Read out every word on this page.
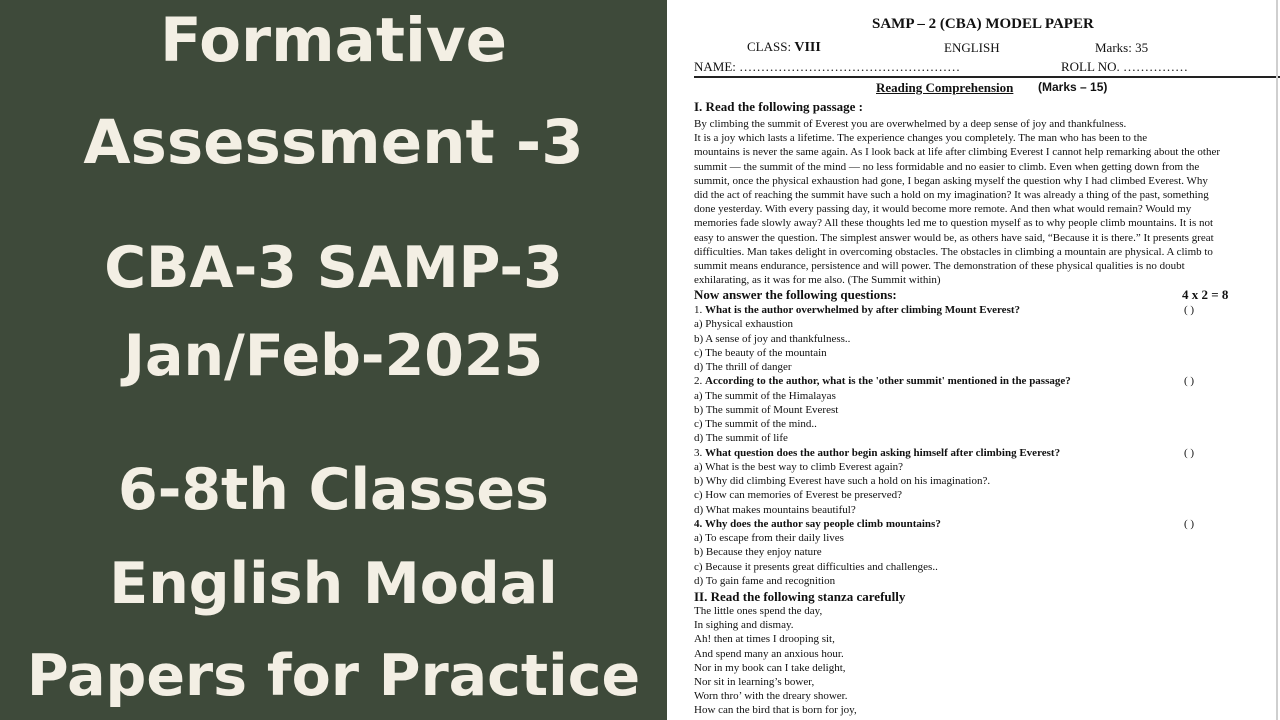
Formative
Assessment -3
CBA-3 SAMP-3
Jan/Feb-2025
6-8th Classes
English Modal
Papers for Practice
SAMP – 2 (CBA) MODEL PAPER
CLASS: VIII	ENGLISH	Marks: 35
NAME: ……………………………………………	ROLL NO. ……………
Reading Comprehension (Marks – 15)
I. Read the following passage :
By climbing the summit of Everest you are overwhelmed by a deep sense of joy and thankfulness.
It is a joy which lasts a lifetime. The experience changes you completely. The man who has been to the
mountains is never the same again. As I look back at life after climbing Everest I cannot help remarking about the other
summit — the summit of the mind — no less formidable and no easier to climb. Even when getting down from the
summit, once the physical exhaustion had gone, I began asking myself the question why I had climbed Everest. Why
did the act of reaching the summit have such a hold on my imagination? It was already a thing of the past, something
done yesterday. With every passing day, it would become more remote. And then what would remain? Would my
memories fade slowly away? All these thoughts led me to question myself as to why people climb mountains. It is not
easy to answer the question. The simplest answer would be, as others have said, “Because it is there.” It presents great
difficulties. Man takes delight in overcoming obstacles. The obstacles in climbing a mountain are physical. A climb to
summit means endurance, persistence and will power. The demonstration of these physical qualities is no doubt
exhilarating, as it was for me also. (The Summit within)
Now answer the following questions:	4 x 2 = 8
1. What is the author overwhelmed by after climbing Mount Everest?	( )
a) Physical exhaustion
b) A sense of joy and thankfulness..
c) The beauty of the mountain
d) The thrill of danger
2. According to the author, what is the 'other summit' mentioned in the passage?	( )
a) The summit of the Himalayas
b) The summit of Mount Everest
c) The summit of the mind..
d) The summit of life
3. What question does the author begin asking himself after climbing Everest?	( )
a) What is the best way to climb Everest again?
b) Why did climbing Everest have such a hold on his imagination?.
c) How can memories of Everest be preserved?
d) What makes mountains beautiful?
4. Why does the author say people climb mountains?	( )
a) To escape from their daily lives
b) Because they enjoy nature
c) Because it presents great difficulties and challenges..
d) To gain fame and recognition
II. Read the following stanza carefully
The little ones spend the day,
In sighing and dismay.
Ah! then at times I drooping sit,
And spend many an anxious hour.
Nor in my book can I take delight,
Nor sit in learning’s bower,
Worn thro’ with the dreary shower.
How can the bird that is born for joy,
